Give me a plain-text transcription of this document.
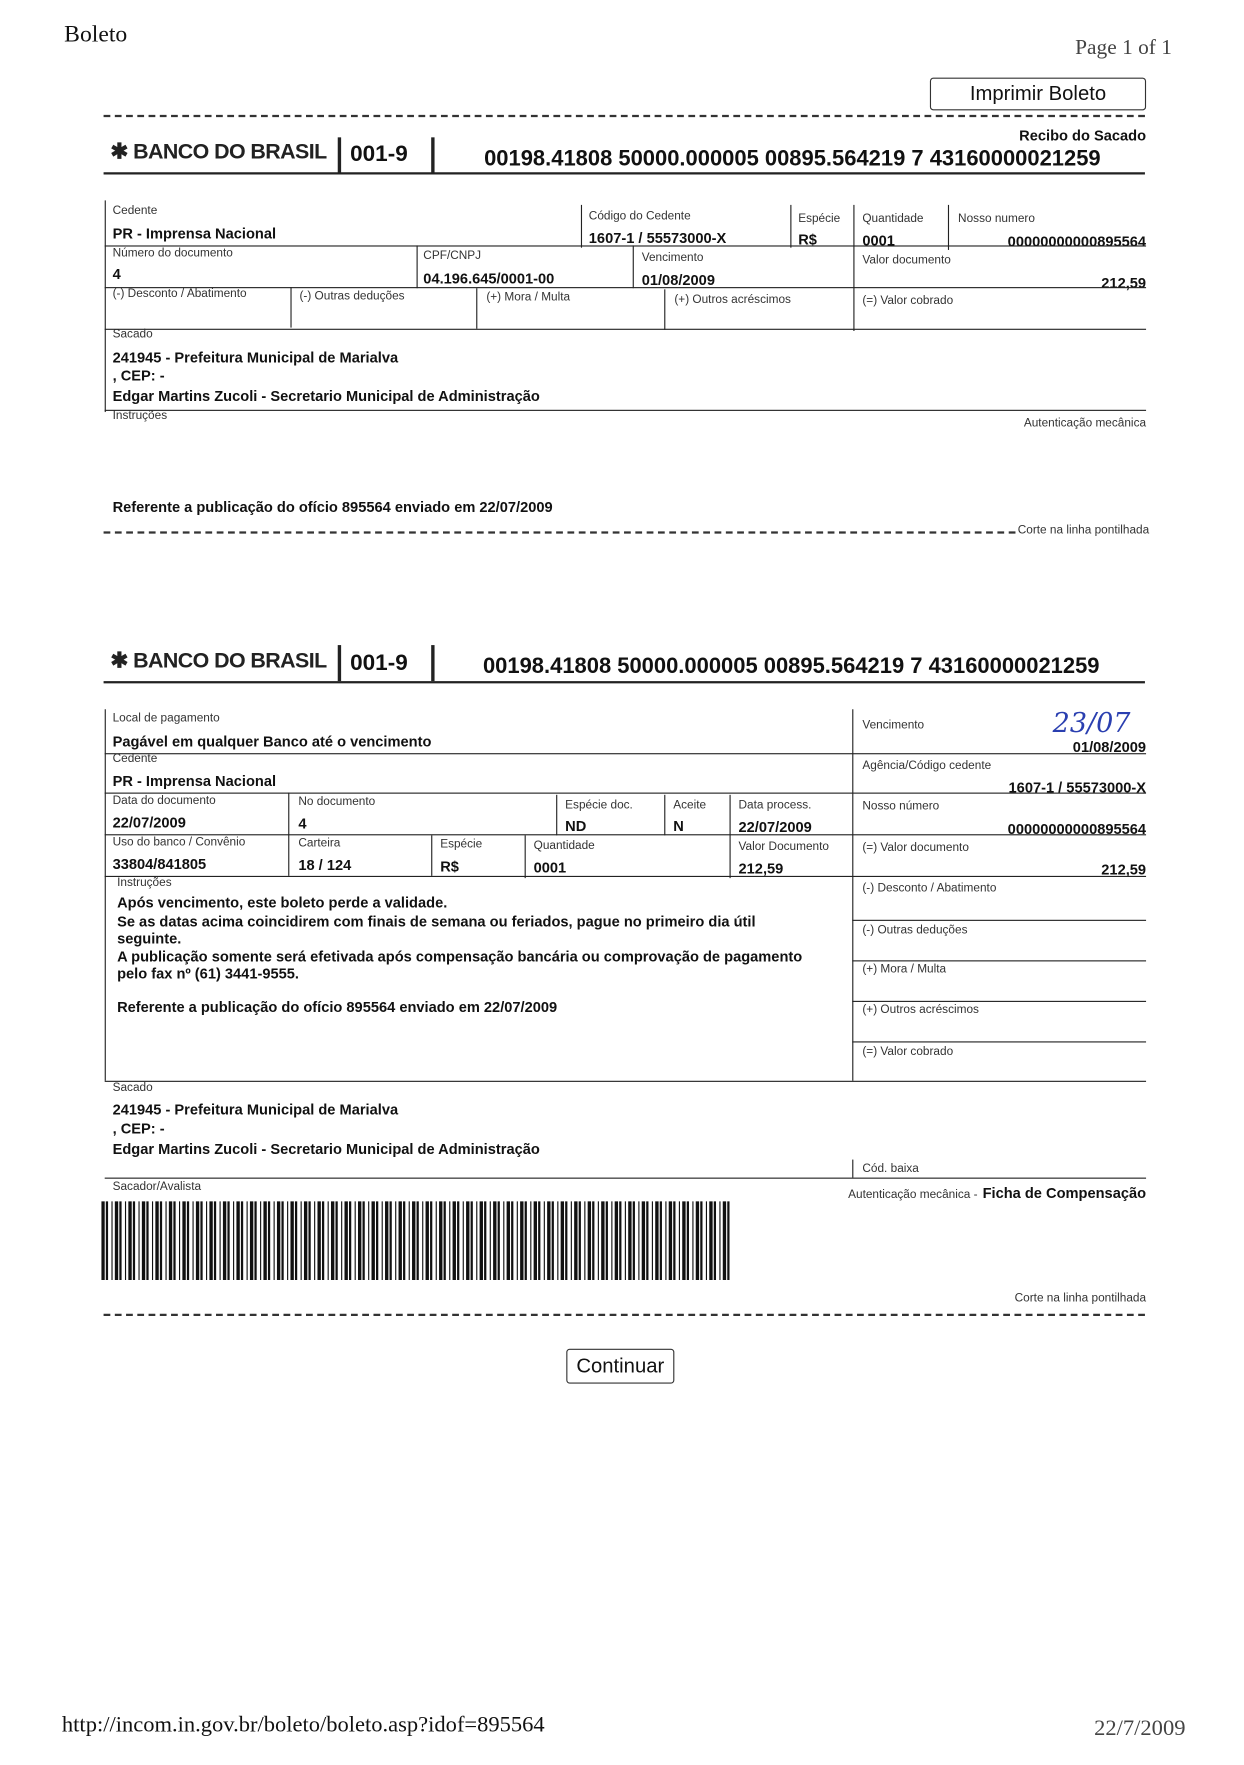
Boleto
Page 1 of 1
Imprimir Boleto
Recibo do Sacado
✱ BANCO DO BRASIL 001-9	00198.41808 50000.000005 00895.564219 7 43160000021259
Cedente
PR - Imprensa Nacional
Código do Cedente
1607-1 / 55573000-X
Espécie
R$
Quantidade
0001
Nosso numero
00000000000895564
Número do documento
4
CPF/CNPJ
04.196.645/0001-00
Vencimento
01/08/2009
Valor documento
212,59
(-) Desconto / Abatimento	(-) Outras deduções	(+) Mora / Multa	(+) Outros acréscimos	(=) Valor cobrado
Sacado
241945 - Prefeitura Municipal de Marialva
, CEP: -
Edgar Martins Zucoli - Secretario Municipal de Administração
Instruções
Autenticação mecânica
Referente a publicação do ofício 895564 enviado em 22/07/2009
Corte na linha pontilhada
✱ BANCO DO BRASIL 001-9	00198.41808 50000.000005 00895.564219 7 43160000021259
Local de pagamento
Pagável em qualquer Banco até o vencimento
Vencimento	23/07
01/08/2009
Cedente
PR - Imprensa Nacional
Agência/Código cedente
1607-1 / 55573000-X
Data do documento
22/07/2009
No documento
4
Espécie doc.
ND
Aceite
N
Data process.
22/07/2009
Nosso número
00000000000895564
Uso do banco / Convênio
33804/841805
Carteira
18 / 124
Espécie
R$
Quantidade
0001
Valor Documento
212,59
(=) Valor documento
212,59
Instruções
Após vencimento, este boleto perde a validade.
Se as datas acima coincidirem com finais de semana ou feriados, pague no primeiro dia útil seguinte.
A publicação somente será efetivada após compensação bancária ou comprovação de pagamento pelo fax nº (61) 3441-9555.
Referente a publicação do ofício 895564 enviado em 22/07/2009
(-) Desconto / Abatimento
(-) Outras deduções
(+) Mora / Multa
(+) Outros acréscimos
(=) Valor cobrado
Sacado
241945 - Prefeitura Municipal de Marialva
, CEP: -
Edgar Martins Zucoli - Secretario Municipal de Administração
Cód. baixa
Sacador/Avalista
Autenticação mecânica - Ficha de Compensação
Corte na linha pontilhada
Continuar
http://incom.in.gov.br/boleto/boleto.asp?idof=895564	22/7/2009
